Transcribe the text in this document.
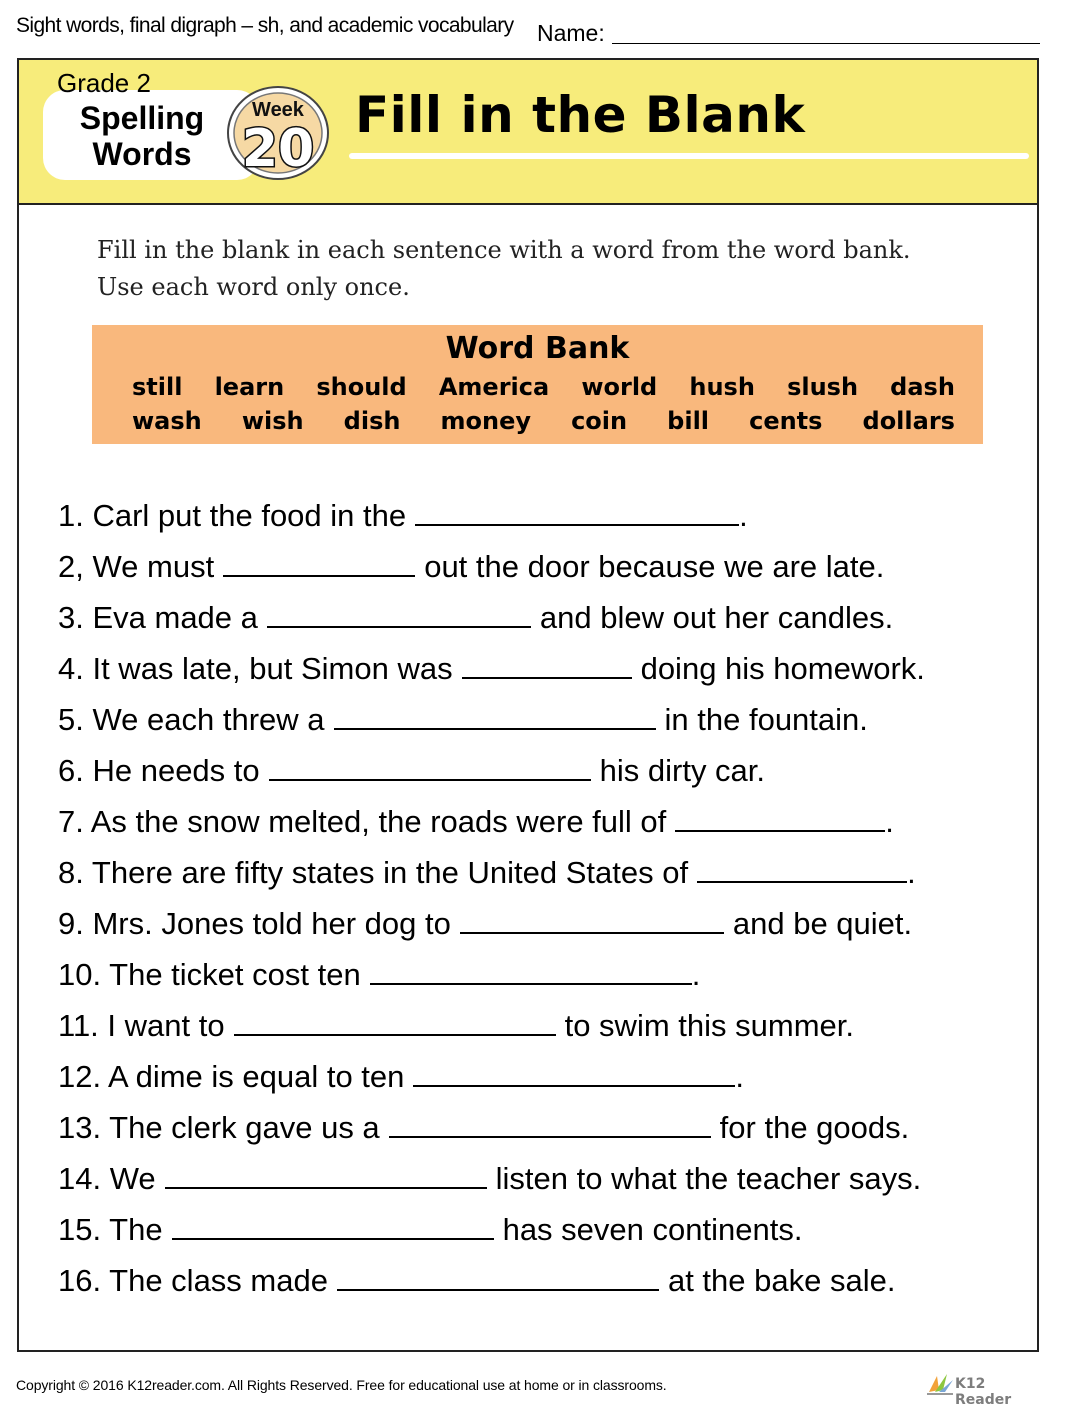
Sight words, final digraph – sh, and academic vocabulary Name:
Spelling
Words
Grade 2
Week
20
Fill in the Blank
Fill in the blank in each sentence with a word from the word bank.
Use each word only once.
Word Bank
still learn should America world hush slush dash
wash wish dish money coin bill cents dollars
1. Carl put the food in the	.
2, We must	out the door because we are late.
3. Eva made a	and blew out her candles.
4. It was late, but Simon was	doing his homework.
5. We each threw a	in the fountain.
6. He needs to	his dirty car.
7. As the snow melted, the roads were full of	.
8. There are fifty states in the United States of	.
9. Mrs. Jones told her dog to	and be quiet.
10. The ticket cost ten	.
11. I want to	to swim this summer.
12. A dime is equal to ten	.
13. The clerk gave us a	for the goods.
14. We	listen to what the teacher says.
15. The	has seven continents.
16. The class made	at the bake sale.
Copyright © 2016 K12reader.com. All Rights Reserved. Free for educational use at home or in classrooms.	K12 Reader
